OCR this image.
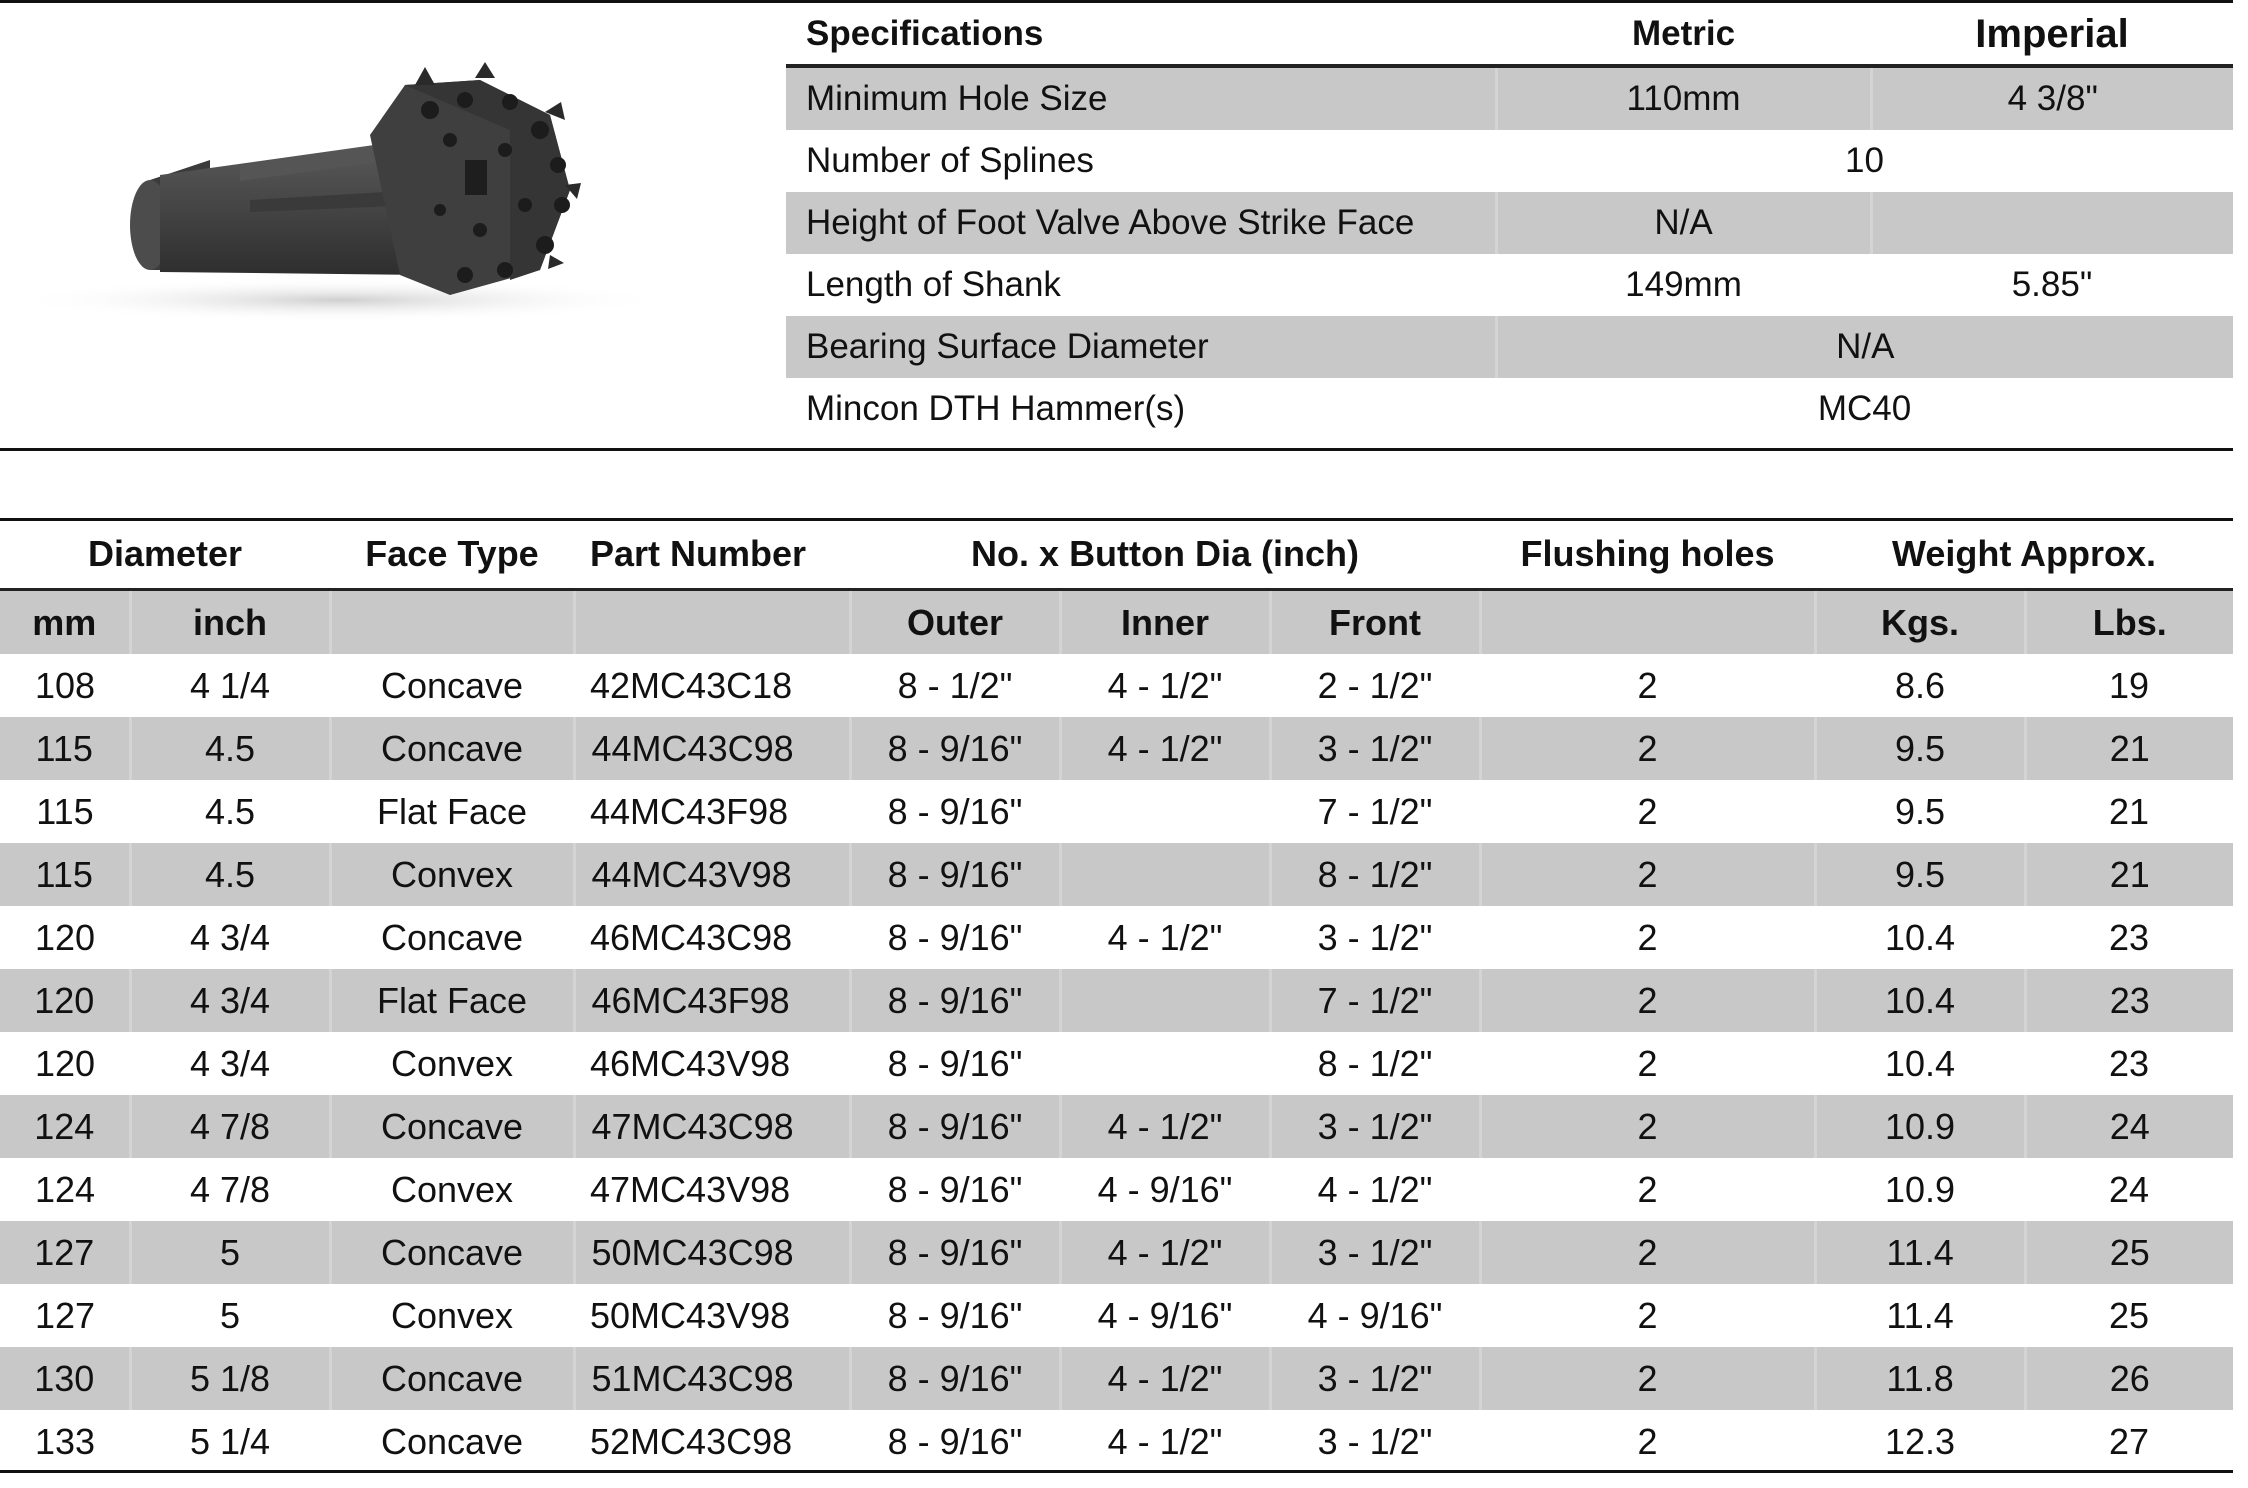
Specifications	Metric	Imperial
Minimum Hole Size	110mm	4 3/8"
Number of Splines	10	
Height of Foot Valve Above Strike Face	N/A	
Length of Shank	149mm	5.85"
Bearing Surface Diameter	N/A	
Mincon DTH Hammer(s)	MC40	
Diameter		Face Type	Part Number	No. x Button Dia (inch)			Flushing holes	Weight Approx.	
mm	inch			Outer	Inner	Front		Kgs.	Lbs.
108	4 1/4	Concave	42MC43C18	8 - 1/2"	4 - 1/2"	2 - 1/2"	2	8.6	19
115	4.5	Concave	44MC43C98	8 - 9/16"	4 - 1/2"	3 - 1/2"	2	9.5	21
115	4.5	Flat Face	44MC43F98	8 - 9/16"		7 - 1/2"	2	9.5	21
115	4.5	Convex	44MC43V98	8 - 9/16"		8 - 1/2"	2	9.5	21
120	4 3/4	Concave	46MC43C98	8 - 9/16"	4 - 1/2"	3 - 1/2"	2	10.4	23
120	4 3/4	Flat Face	46MC43F98	8 - 9/16"		7 - 1/2"	2	10.4	23
120	4 3/4	Convex	46MC43V98	8 - 9/16"		8 - 1/2"	2	10.4	23
124	4 7/8	Concave	47MC43C98	8 - 9/16"	4 - 1/2"	3 - 1/2"	2	10.9	24
124	4 7/8	Convex	47MC43V98	8 - 9/16"	4 - 9/16"	4 - 1/2"	2	10.9	24
127	5	Concave	50MC43C98	8 - 9/16"	4 - 1/2"	3 - 1/2"	2	11.4	25
127	5	Convex	50MC43V98	8 - 9/16"	4 - 9/16"	4 - 9/16"	2	11.4	25
130	5 1/8	Concave	51MC43C98	8 - 9/16"	4 - 1/2"	3 - 1/2"	2	11.8	26
133	5 1/4	Concave	52MC43C98	8 - 9/16"	4 - 1/2"	3 - 1/2"	2	12.3	27
